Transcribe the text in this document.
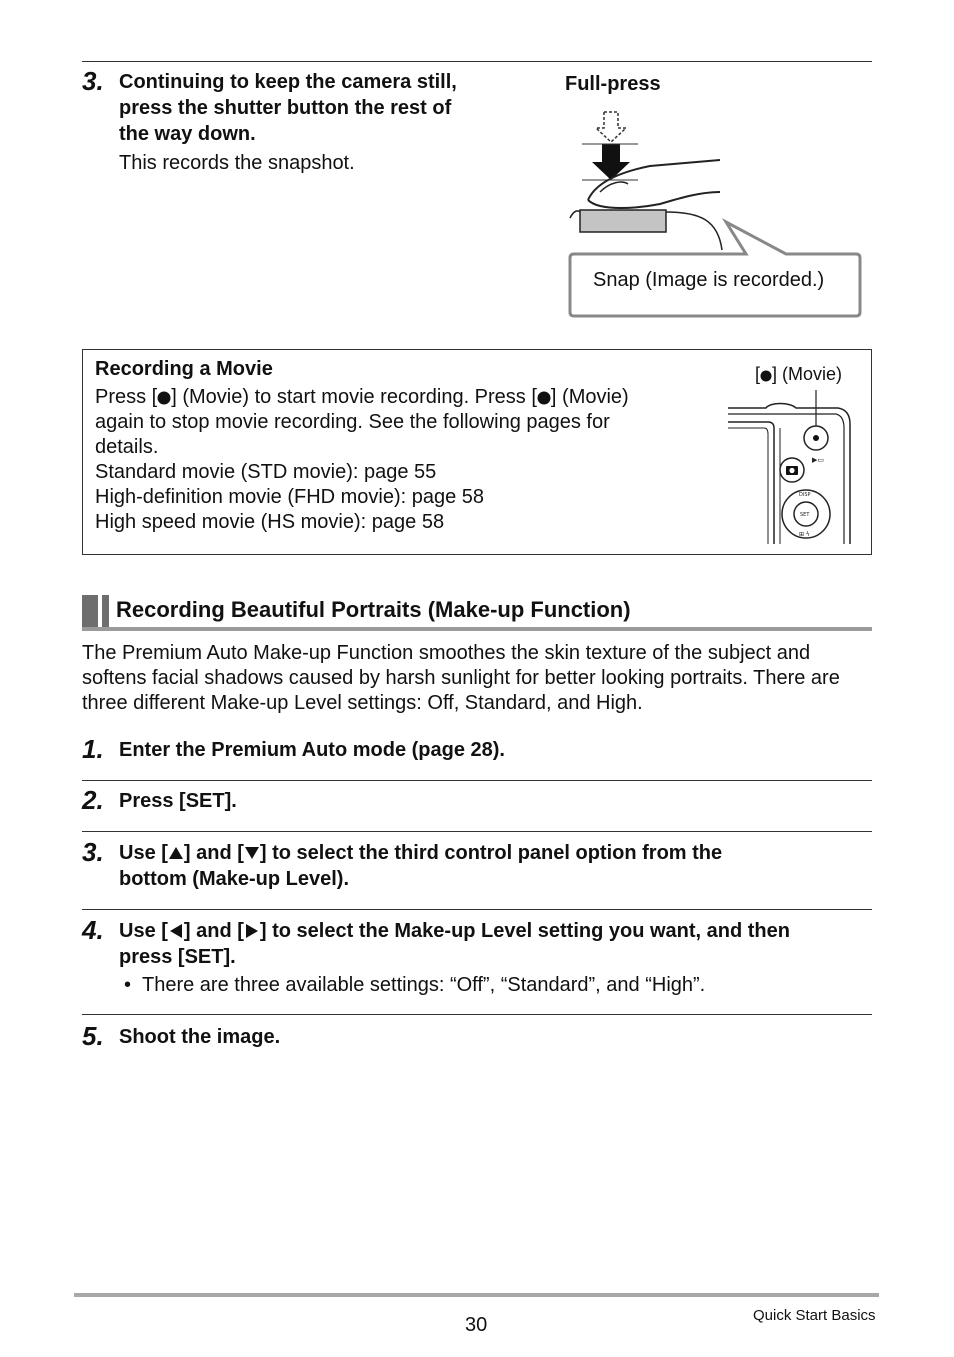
3. Continuing to keep the camera still,
press the shutter button the rest of
the way down.
This records the snapshot.
Full-press
Snap (Image is recorded.)
Recording a Movie
Press [ ] (Movie) to start movie recording. Press [ ] (Movie)
again to stop movie recording. See the following pages for
details.
Standard movie (STD movie): page 55
High-definition movie (FHD movie): page 58
High speed movie (HS movie): page 58
[ ] (Movie)
▶▭
DISP
SET
⊞ ϟ
Recording Beautiful Portraits (Make-up Function)
The Premium Auto Make-up Function smoothes the skin texture of the subject and
softens facial shadows caused by harsh sunlight for better looking portraits. There are
three different Make-up Level settings: Off, Standard, and High.
1. Enter the Premium Auto mode (page 28).
2. Press [SET].
3. Use [ ] and [ ] to select the third control panel option from the
bottom (Make-up Level).
4. Use [ ] and [ ] to select the Make-up Level setting you want, and then
press [SET].
• There are three available settings: “Off”, “Standard”, and “High”.
5. Shoot the image.
30	Quick Start Basics
